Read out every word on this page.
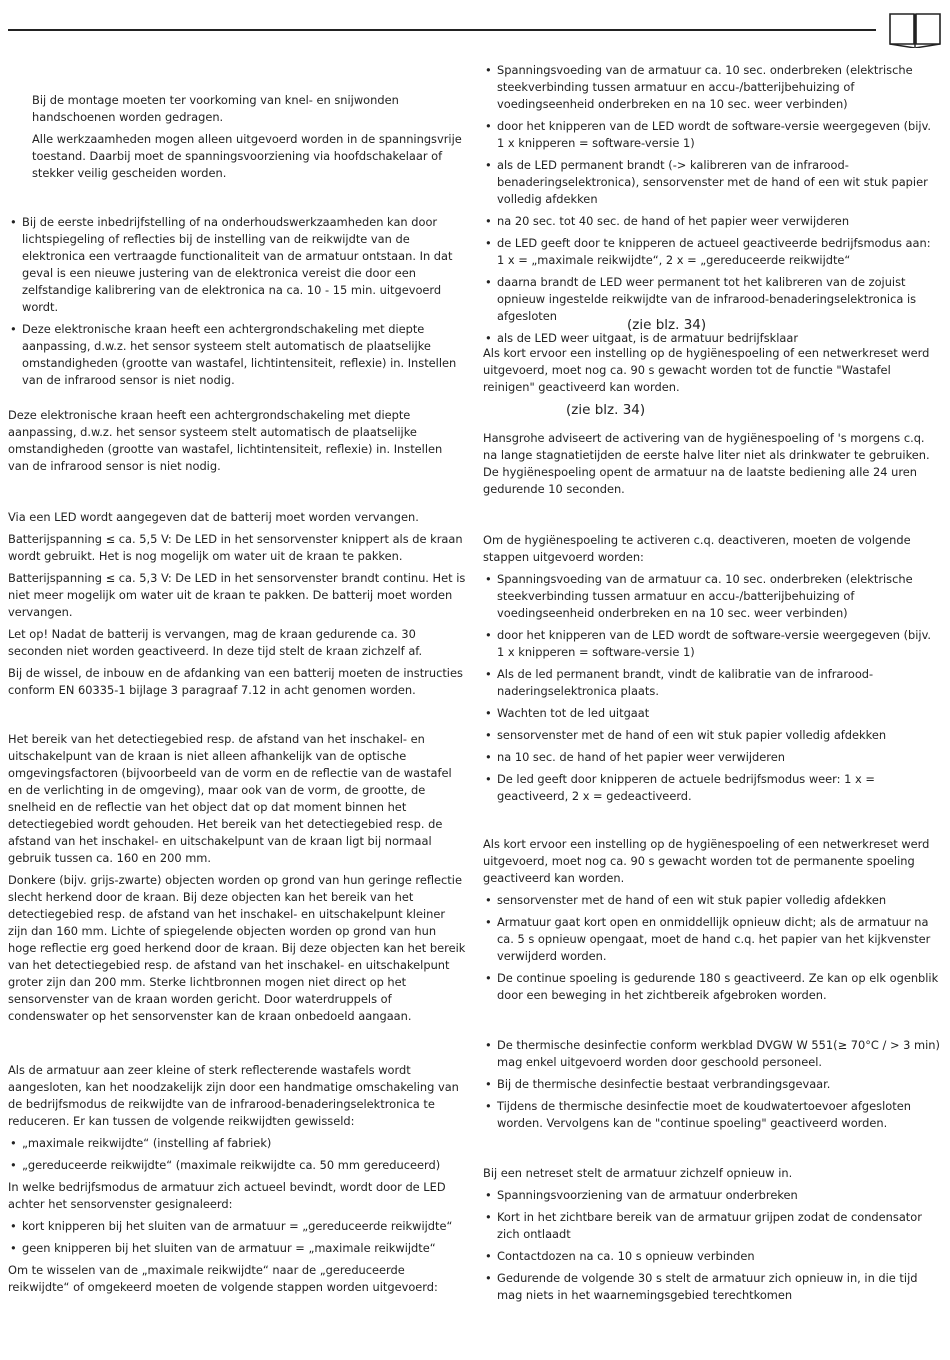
Bij de montage moeten ter voorkoming van knel- en snijwonden handschoenen worden gedragen.

Alle werkzaamheden mogen alleen uitgevoerd worden in de spanningsvrije toestand. Daarbij moet de spanningsvoorziening via hoofdschakelaar of stekker veilig gescheiden worden.

• Bij de eerste inbedrijfstelling of na onderhoudswerkzaamheden kan door lichtspiegeling of reflecties bij de instelling van de reikwijdte van de elektronica een vertraagde functionaliteit van de armatuur ontstaan. In dat geval is een nieuwe justering van de elektronica vereist die door een zelfstandige kalibrering van de elektronica na ca. 10 - 15 min. uitgevoerd wordt.
• Deze elektronische kraan heeft een achtergrondschakeling met diepte aanpassing, d.w.z. het sensor systeem stelt automatisch de plaatselijke omstandigheden (grootte van wastafel, lichtintensiteit, reflexie) in. Instellen van de infrarood sensor is niet nodig.

Deze elektronische kraan heeft een achtergrondschakeling met diepte aanpassing, d.w.z. het sensor systeem stelt automatisch de plaatselijke omstandigheden (grootte van wastafel, lichtintensiteit, reflexie) in. Instellen van de infrarood sensor is niet nodig.

Via een LED wordt aangegeven dat de batterij moet worden vervangen.

Batterijspanning ≤ ca. 5,5 V: De LED in het sensorvenster knippert als de kraan wordt gebruikt. Het is nog mogelijk om water uit de kraan te pakken.

Batterijspanning ≤ ca. 5,3 V: De LED in het sensorvenster brandt continu. Het is niet meer mogelijk om water uit de kraan te pakken. De batterij moet worden vervangen.

Let op! Nadat de batterij is vervangen, mag de kraan gedurende ca. 30 seconden niet worden geactiveerd. In deze tijd stelt de kraan zichzelf af.

Bij de wissel, de inbouw en de afdanking van een batterij moeten de instructies conform EN 60335-1 bijlage 3 paragraaf 7.12 in acht genomen worden.

Het bereik van het detectiegebied resp. de afstand van het inschakel- en uitschakelpunt van de kraan is niet alleen afhankelijk van de optische omgevingsfactoren (bijvoorbeeld van de vorm en de reflectie van de wastafel en de verlichting in de omgeving), maar ook van de vorm, de grootte, de snelheid en de reflectie van het object dat op dat moment binnen het detectiegebied wordt gehouden. Het bereik van het detectiegebied resp. de afstand van het inschakel- en uitschakelpunt van de kraan ligt bij normaal gebruik tussen ca. 160 en 200 mm.

Donkere (bijv. grijs-zwarte) objecten worden op grond van hun geringe reflectie slecht herkend door de kraan. Bij deze objecten kan het bereik van het detectiegebied resp. de afstand van het inschakel- en uitschakelpunt kleiner zijn dan 160 mm. Lichte of spiegelende objecten worden op grond van hun hoge reflectie erg goed herkend door de kraan. Bij deze objecten kan het bereik van het detectiegebied resp. de afstand van het inschakel- en uitschakelpunt groter zijn dan 200 mm. Sterke lichtbronnen mogen niet direct op het sensorvenster van de kraan worden gericht. Door waterdruppels of condenswater op het sensorvenster kan de kraan onbedoeld aangaan.

Als de armatuur aan zeer kleine of sterk reflecterende wastafels wordt aangesloten, kan het noodzakelijk zijn door een handmatige omschakeling van de bedrijfsmodus de reikwijdte van de infrarood-benaderingselektronica te reduceren. Er kan tussen de volgende reikwijdten gewisseld:

• „maximale reikwijdte“ (instelling af fabriek)
• „gereduceerde reikwijdte“ (maximale reikwijdte ca. 50 mm gereduceerd)

In welke bedrijfsmodus de armatuur zich actueel bevindt, wordt door de LED achter het sensorvenster gesignaleerd:

• kort knipperen bij het sluiten van de armatuur = „gereduceerde reikwijdte“
• geen knipperen bij het sluiten van de armatuur = „maximale reikwijdte“

Om te wisselen van de „maximale reikwijdte“ naar de „gereduceerde reikwijdte“ of omgekeerd moeten de volgende stappen worden uitgevoerd:

• Spanningsvoeding van de armatuur ca. 10 sec. onderbreken (elektrische steekverbinding tussen armatuur en accu-/batterijbehuizing of voedingseenheid onderbreken en na 10 sec. weer verbinden)
• door het knipperen van de LED wordt de software-versie weergegeven (bijv. 1 x knipperen = software-versie 1)
• als de LED permanent brandt (-> kalibreren van de infrarood-benaderingselektronica), sensorvenster met de hand of een wit stuk papier volledig afdekken
• na 20 sec. tot 40 sec. de hand of het papier weer verwijderen
• de LED geeft door te knipperen de actueel geactiveerde bedrijfsmodus aan: 1 x = „maximale reikwijdte“, 2 x = „gereduceerde reikwijdte“
• daarna brandt de LED weer permanent tot het kalibreren van de zojuist opnieuw ingestelde reikwijdte van de infrarood-benaderingselektronica is afgesloten
• als de LED weer uitgaat, is de armatuur bedrijfsklaar
(zie blz. 34)

Als kort ervoor een instelling op de hygiënespoeling of een netwerkreset werd uitgevoerd, moet nog ca. 90 s gewacht worden tot de functie "Wastafel reinigen" geactiveerd kan worden.

(zie blz. 34)

Hansgrohe adviseert de activering van de hygiënespoeling of 's morgens c.q. na lange stagnatietijden de eerste halve liter niet als drinkwater te gebruiken. De hygiënespoeling opent de armatuur na de laatste bediening alle 24 uren gedurende 10 seconden.

Om de hygiënespoeling te activeren c.q. deactiveren, moeten de volgende stappen uitgevoerd worden:

• Spanningsvoeding van de armatuur ca. 10 sec. onderbreken (elektrische steekverbinding tussen armatuur en accu-/batterijbehuizing of voedingseenheid onderbreken en na 10 sec. weer verbinden)
• door het knipperen van de LED wordt de software-versie weergegeven (bijv. 1 x knipperen = software-versie 1)
• Als de led permanent brandt, vindt de kalibratie van de infrarood-naderingselektronica plaats.
• Wachten tot de led uitgaat
• sensorvenster met de hand of een wit stuk papier volledig afdekken
• na 10 sec. de hand of het papier weer verwijderen
• De led geeft door knipperen de actuele bedrijfsmodus weer: 1 x = geactiveerd, 2 x = gedeactiveerd.

Als kort ervoor een instelling op de hygiënespoeling of een netwerkreset werd uitgevoerd, moet nog ca. 90 s gewacht worden tot de permanente spoeling geactiveerd kan worden.

• sensorvenster met de hand of een wit stuk papier volledig afdekken
• Armatuur gaat kort open en onmiddellijk opnieuw dicht; als de armatuur na ca. 5 s opnieuw opengaat, moet de hand c.q. het papier van het kijkvenster verwijderd worden.
• De continue spoeling is gedurende 180 s geactiveerd. Ze kan op elk ogenblik door een beweging in het zichtbereik afgebroken worden.
• De thermische desinfectie conform werkblad DVGW W 551(≥ 70°C / > 3 min) mag enkel uitgevoerd worden door geschoold personeel.
• Bij de thermische desinfectie bestaat verbrandingsgevaar.
• Tijdens de thermische desinfectie moet de koudwatertoevoer afgesloten worden. Vervolgens kan de "continue spoeling" geactiveerd worden.

Bij een netreset stelt de armatuur zichzelf opnieuw in.

• Spanningsvoorziening van de armatuur onderbreken
• Kort in het zichtbare bereik van de armatuur grijpen zodat de condensator zich ontlaadt
• Contactdozen na ca. 10 s opnieuw verbinden
• Gedurende de volgende 30 s stelt de armatuur zich opnieuw in, in die tijd mag niets in het waarnemingsgebied terechtkomen
